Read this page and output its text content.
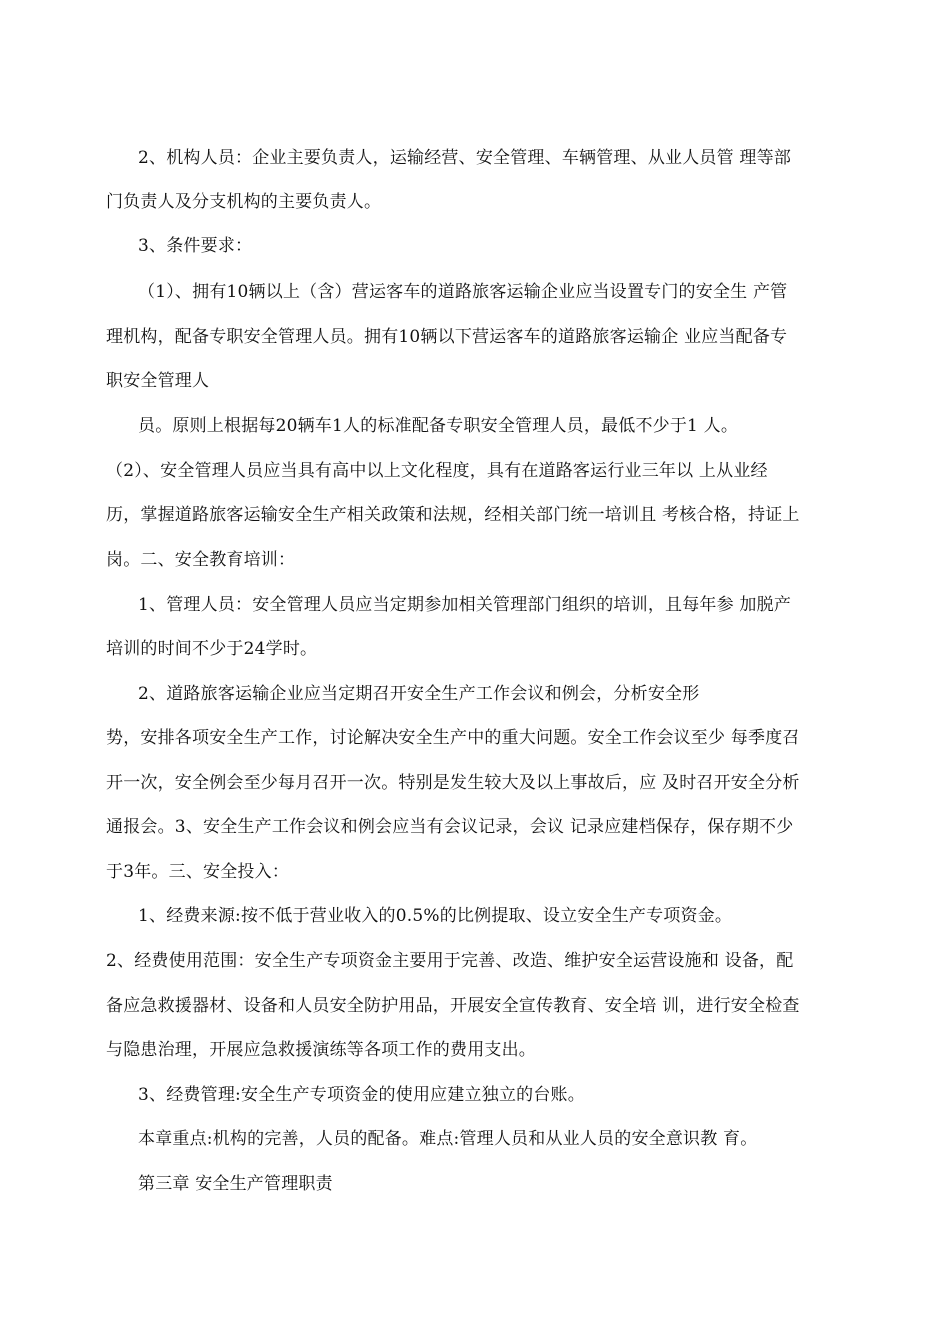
2、机构人员：企业主要负责人，运输经营、安全管理、车辆管理、从业人员管 理等部
门负责人及分支机构的主要负责人。
3、条件要求：
（1）、拥有10辆以上（含）营运客车的道路旅客运输企业应当设置专门的安全生 产管
理机构，配备专职安全管理人员。拥有10辆以下营运客车的道路旅客运输企 业应当配备专
职安全管理人
员。原则上根据每20辆车1人的标准配备专职安全管理人员，最低不少于1 人。
（2）、安全管理人员应当具有高中以上文化程度，具有在道路客运行业三年以 上从业经
历，掌握道路旅客运输安全生产相关政策和法规，经相关部门统一培训且 考核合格，持证上
岗。二、安全教育培训：
1、管理人员：安全管理人员应当定期参加相关管理部门组织的培训，且每年参 加脱产
培训的时间不少于24学时。
2、道路旅客运输企业应当定期召开安全生产工作会议和例会，分析安全形
势，安排各项安全生产工作，讨论解决安全生产中的重大问题。安全工作会议至少 每季度召
开一次，安全例会至少每月召开一次。特别是发生较大及以上事故后，应 及时召开安全分析
通报会。3、安全生产工作会议和例会应当有会议记录，会议 记录应建档保存，保存期不少
于3年。三、安全投入：
1、经费来源:按不低于营业收入的0.5%的比例提取、设立安全生产专项资金。
2、经费使用范围：安全生产专项资金主要用于完善、改造、维护安全运营设施和 设备，配
备应急救援器材、设备和人员安全防护用品，开展安全宣传教育、安全培 训，进行安全检查
与隐患治理，开展应急救援演练等各项工作的费用支出。
3、经费管理:安全生产专项资金的使用应建立独立的台账。
本章重点:机构的完善，人员的配备。难点:管理人员和从业人员的安全意识教 育。
第三章 安全生产管理职责
